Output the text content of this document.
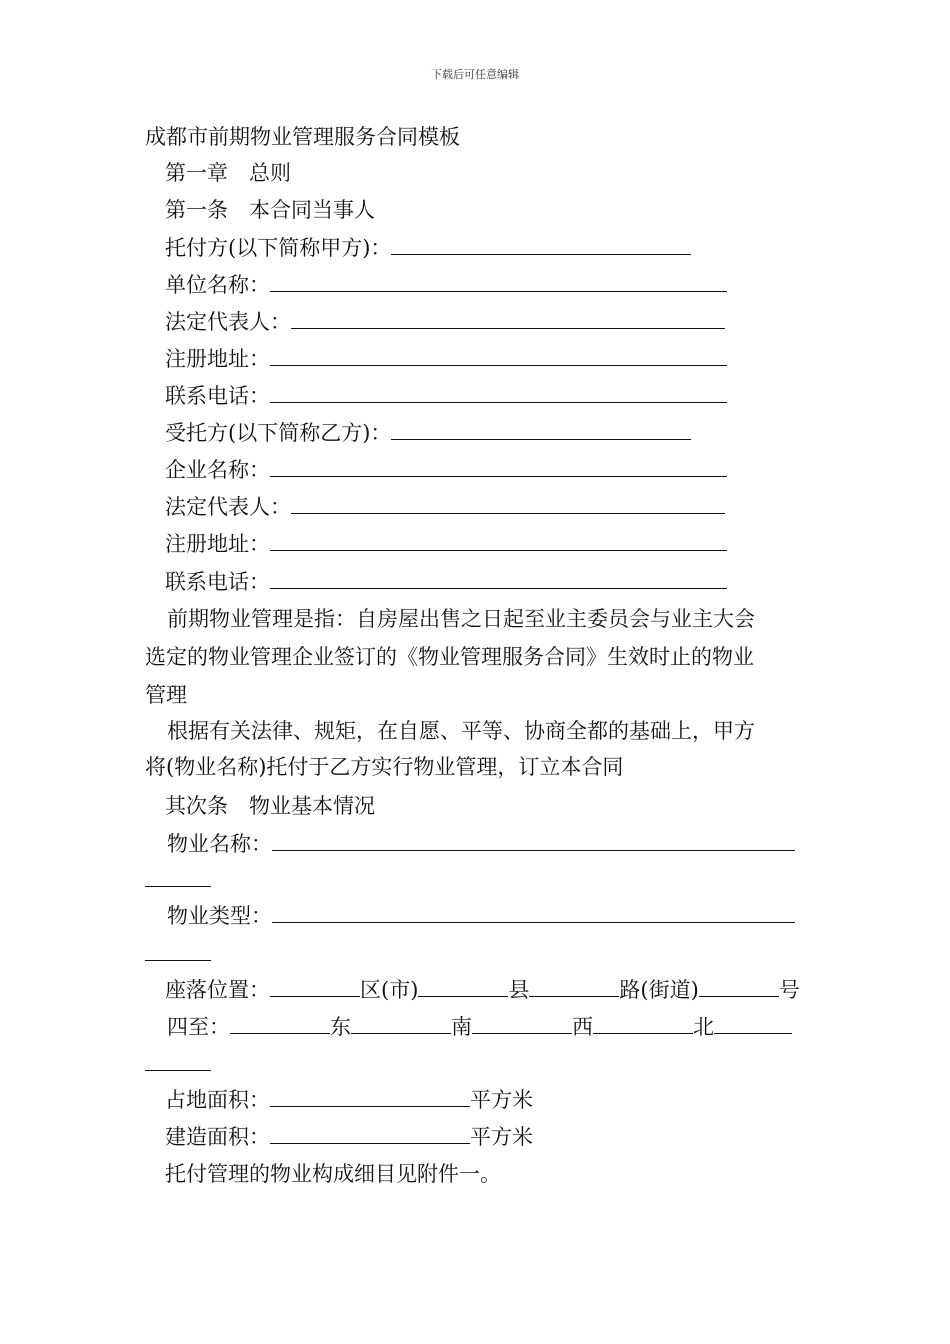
下载后可任意编辑
成都市前期物业管理服务合同模板
第一章　总则
第一条　本合同当事人
托付方(以下简称甲方)：
单位名称：
法定代表人：
注册地址：
联系电话：
受托方(以下简称乙方)：
企业名称：
法定代表人：
注册地址：
联系电话：
前期物业管理是指：自房屋出售之日起至业主委员会与业主大会
选定的物业管理企业签订的《物业管理服务合同》生效时止的物业
管理
根据有关法律、规矩，在自愿、平等、协商全都的基础上，甲方
将(物业名称)托付于乙方实行物业管理，订立本合同
其次条　物业基本情况
物业名称：
物业类型：
座落位置：	区(市)	县	路(街道)	号
四至：	东	南	西	北
占地面积：	平方米
建造面积：	平方米
托付管理的物业构成细目见附件一。
